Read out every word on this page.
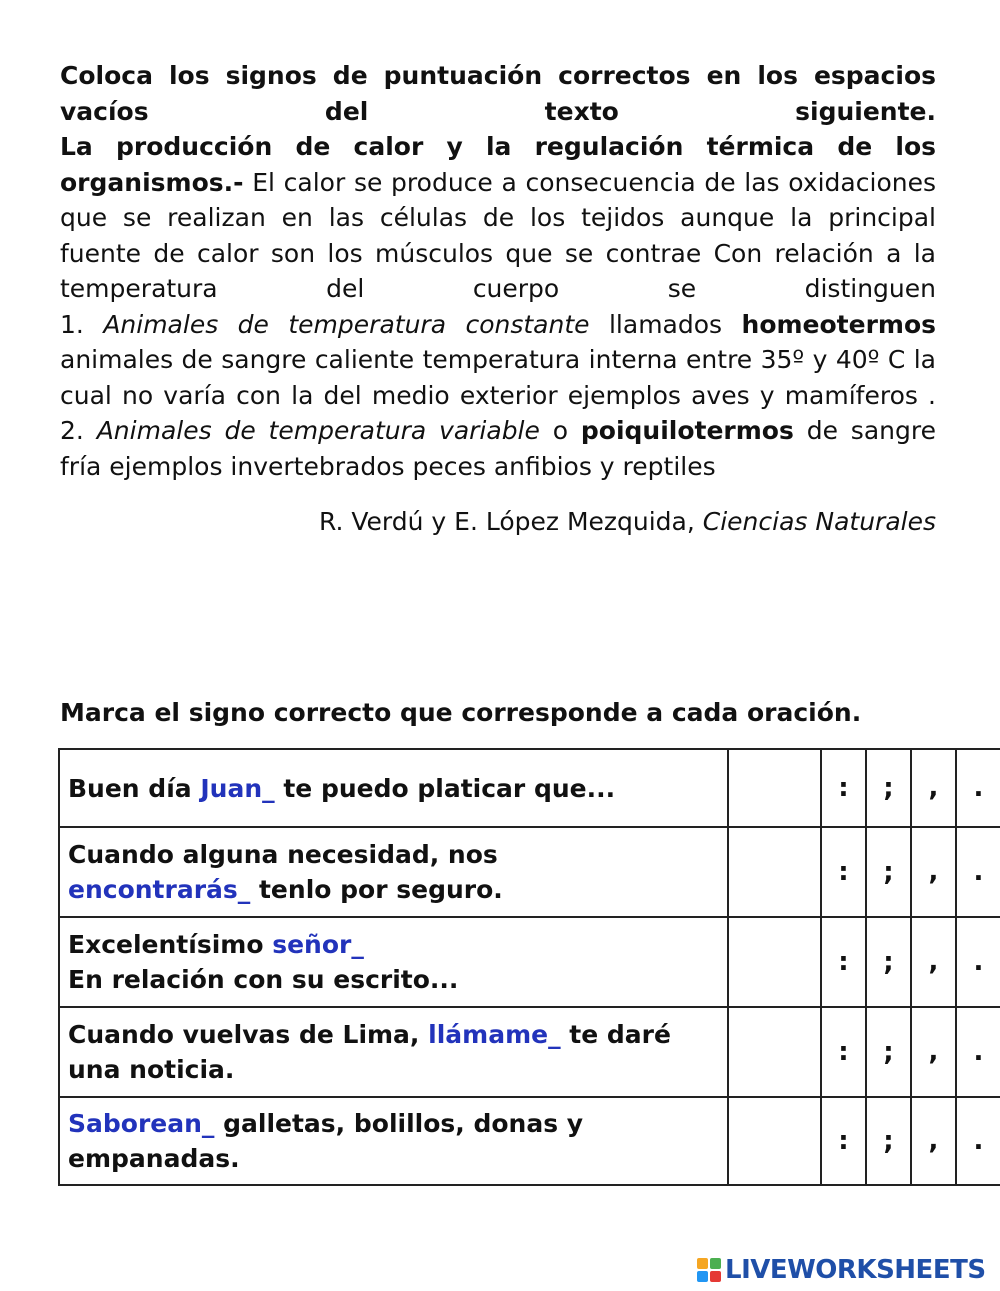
Coloca los signos de puntuación correctos en los espacios vacíos del texto siguiente.

La producción de calor y la regulación térmica de los organismos.- El calor se produce a consecuencia de las oxidaciones que se realizan en las células de los tejidos aunque la principal fuente de calor son los músculos que se contrae Con relación a la temperatura del cuerpo se distinguen

1. Animales de temperatura constante llamados homeotermos animales de sangre caliente temperatura interna entre 35º y 40º C la cual no varía con la del medio exterior ejemplos aves y mamíferos .

2. Animales de temperatura variable o poiquilotermos de sangre fría ejemplos invertebrados peces anfibios y reptiles

R. Verdú y E. López Mezquida, Ciencias Naturales
Marca el signo correcto que corresponde a cada oración.
Buen día Juan_ te puedo platicar que...		:	;	,	.
Cuando alguna necesidad, nos
encontrarás_ tenlo por seguro.		:	;	,	.
Excelentísimo señor_
En relación con su escrito...		:	;	,	.
Cuando vuelvas de Lima, llámame_ te daré una noticia.		:	;	,	.
Saborean_ galletas, bolillos, donas y empanadas.		:	;	,	.
LIVEWORKSHEETS
